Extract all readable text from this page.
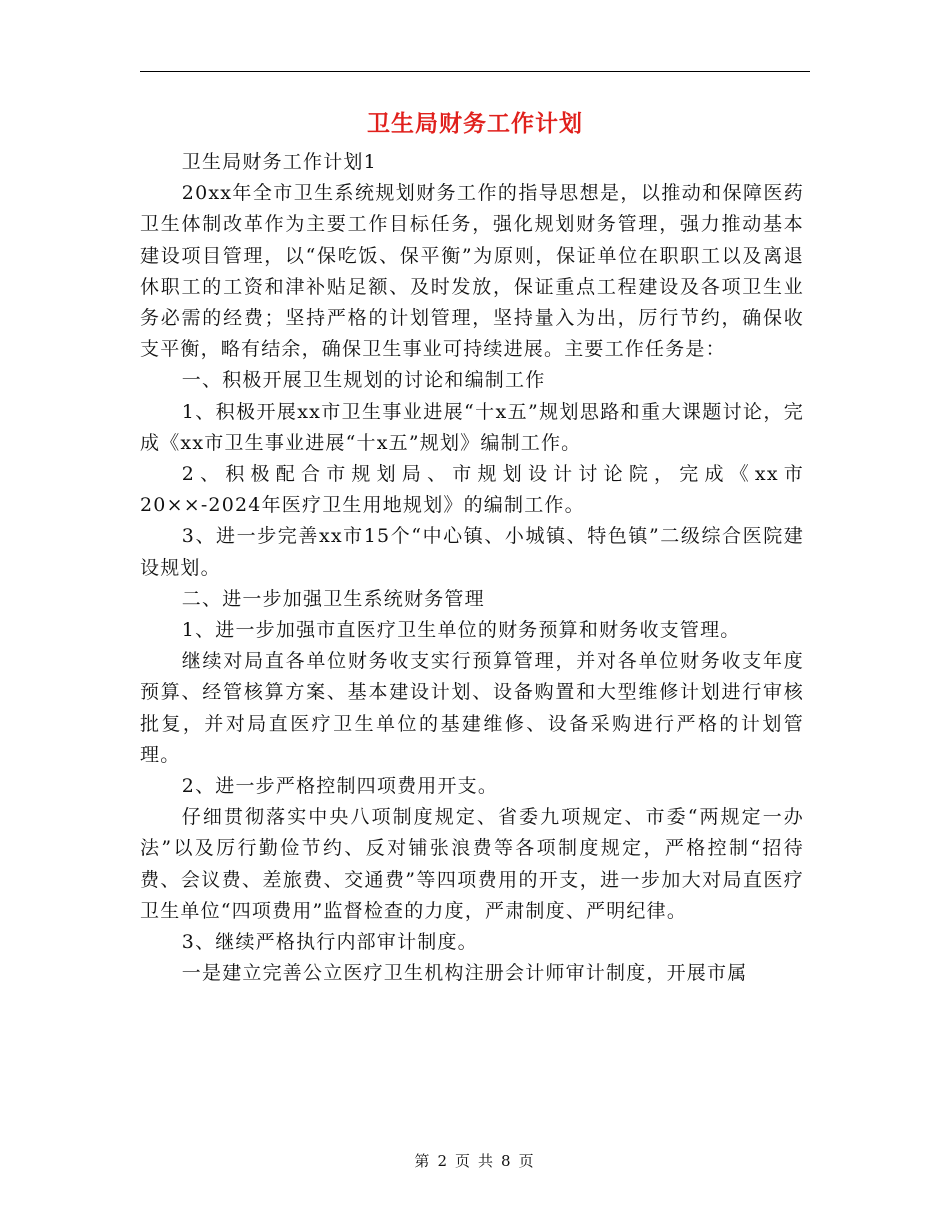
卫生局财务工作计划

卫生局财务工作计划1

20xx年全市卫生系统规划财务工作的指导思想是，以推动和保障医药卫生体制改革作为主要工作目标任务，强化规划财务管理，强力推动基本建设项目管理，以“保吃饭、保平衡”为原则，保证单位在职职工以及离退休职工的工资和津补贴足额、及时发放，保证重点工程建设及各项卫生业务必需的经费；坚持严格的计划管理，坚持量入为出，厉行节约，确保收支平衡，略有结余，确保卫生事业可持续进展。主要工作任务是：

一、积极开展卫生规划的讨论和编制工作

1、积极开展xx市卫生事业进展“十x五”规划思路和重大课题讨论，完成《xx市卫生事业进展“十x五”规划》编制工作。

2、积极配合市规划局、市规划设计讨论院，完成《xx市20××-2024年医疗卫生用地规划》的编制工作。

3、进一步完善xx市15个“中心镇、小城镇、特色镇”二级综合医院建设规划。

二、进一步加强卫生系统财务管理

1、进一步加强市直医疗卫生单位的财务预算和财务收支管理。

继续对局直各单位财务收支实行预算管理，并对各单位财务收支年度预算、经管核算方案、基本建设计划、设备购置和大型维修计划进行审核批复，并对局直医疗卫生单位的基建维修、设备采购进行严格的计划管理。

2、进一步严格控制四项费用开支。

仔细贯彻落实中央八项制度规定、省委九项规定、市委“两规定一办法”以及厉行勤俭节约、反对铺张浪费等各项制度规定，严格控制“招待费、会议费、差旅费、交通费”等四项费用的开支，进一步加大对局直医疗卫生单位“四项费用”监督检查的力度，严肃制度、严明纪律。

3、继续严格执行内部审计制度。

一是建立完善公立医疗卫生机构注册会计师审计制度，开展市属

第 2 页 共 8 页
